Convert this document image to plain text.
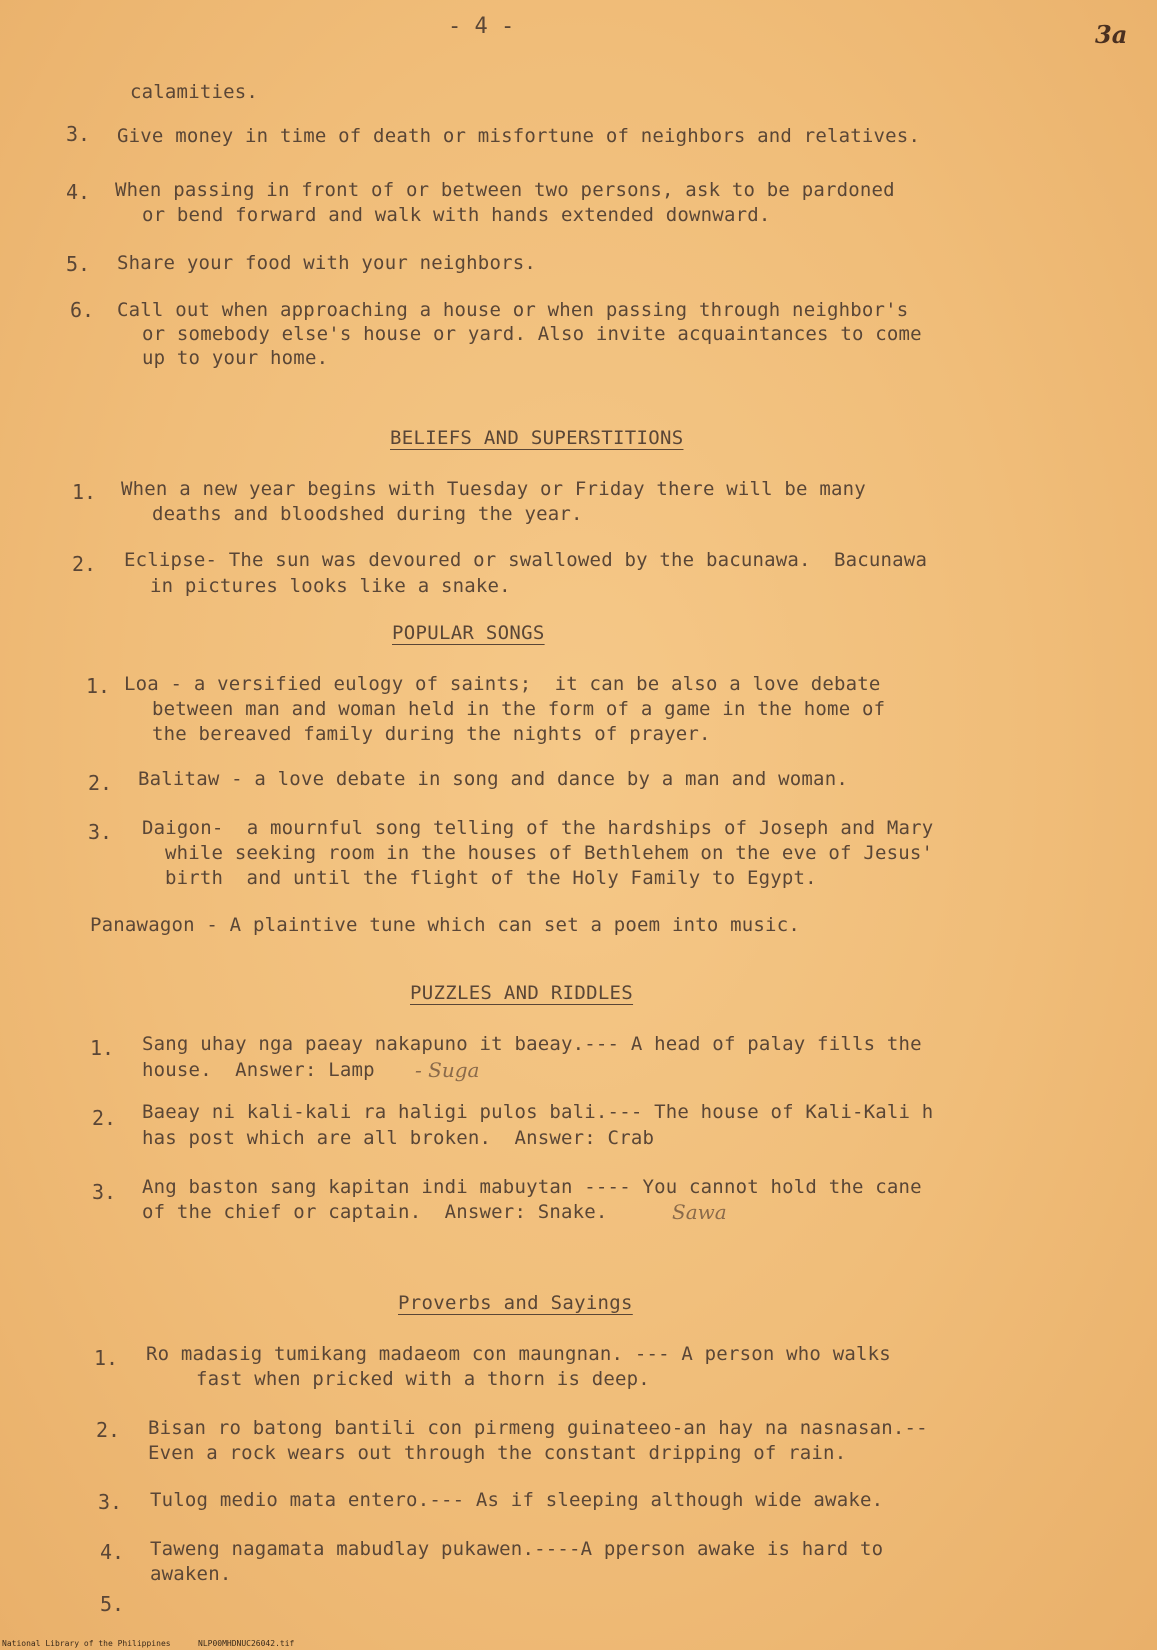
- 4 -	3a
calamities.
3. Give money in time of death or misfortune of neighbors and relatives.
4. When passing in front of or between two persons, ask to be pardoned
or bend forward and walk with hands extended downward.
5. Share your food with your neighbors.
6. Call out when approaching a house or when passing through neighbor's
or somebody else's house or yard. Also invite acquaintances to come
up to your home.
BELIEFS AND SUPERSTITIONS
1. When a new year begins with Tuesday or Friday there will be many
deaths and bloodshed during the year.
2. Eclipse- The sun was devoured or swallowed by the bacunawa.  Bacunawa
in pictures looks like a snake.
POPULAR SONGS
1. Loa - a versified eulogy of saints;  it can be also a love debate
between man and woman held in the form of a game in the home of
the bereaved family during the nights of prayer.
2. Balitaw - a love debate in song and dance by a man and woman.
3. Daigon-  a mournful song telling of the hardships of Joseph and Mary
while seeking room in the houses of Bethlehem on the eve of Jesus'
birth  and until the flight of the Holy Family to Egypt.
Panawagon - A plaintive tune which can set a poem into music.
PUZZLES AND RIDDLES
1. Sang uhay nga paeay nakapuno it baeay.--- A head of palay fills the
house.  Answer: Lamp - Suga
2. Baeay ni kali-kali ra haligi pulos bali.--- The house of Kali-Kali h
has post which are all broken.  Answer: Crab
3. Ang baston sang kapitan indi mabuytan ---- You cannot hold the cane
of the chief or captain.  Answer: Snake.	Sawa
Proverbs and Sayings
1. Ro madasig tumikang madaeom con maungnan. --- A person who walks
fast when pricked with a thorn is deep.
2. Bisan ro batong bantili con pirmeng guinateeo-an hay na nasnasan.--
Even a rock wears out through the constant dripping of rain.
3. Tulog medio mata entero.--- As if sleeping although wide awake.
4. Taweng nagamata mabudlay pukawen.----A pperson awake is hard to
awaken.
5.
National Library of the Philippines	NLP00MHDNUC26042.tif
